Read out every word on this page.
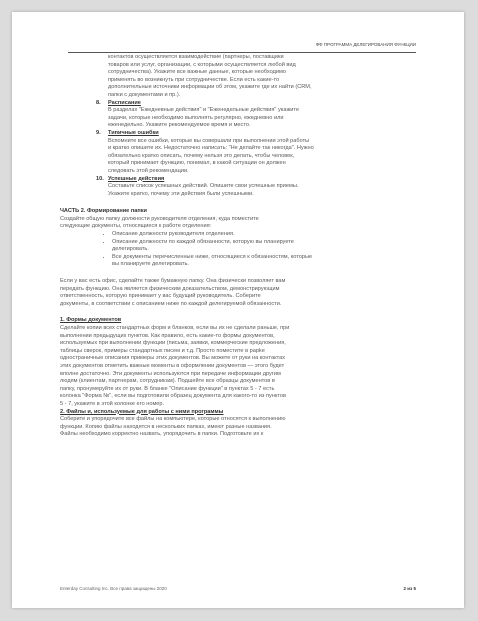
ФФ ПРОГРАММА ДЕЛЕГИРОВАНИЯ ФУНКЦИИ

контактов осуществляется взаимодействие (партнеры, поставщики

товаров или услуг, организации, с которыми осуществляется любой вид

сотрудничества). Укажите все важные данные, которые необходимо

применять во возникнуть при сотрудничестве. Если есть какие-то

дополнительные источники информации об этом, укажите где их найти (CRM,

папки с документами и пр.).

8. Расписание

В разделах "Ежедневные действия" и "Еженедельные действия" укажите

задачи, которые необходимо выполнять регулярно, ежедневно или

еженедельно. Укажите рекомендуемое время и место.

9. Типичные ошибки

Вспомните все ошибки, которые вы совершали при выполнении этой работы

и кратко опишите их. Недостаточно написать: "Не делайте так никогда". Нужно

обязательно кратко описать, почему нельзя это делать, чтобы человек,

который принимает функцию, понимал, в какой ситуации он должен

следовать этой рекомендации.

10. Успешные действия

Составьте список успешных действий. Опишите свои успешные приемы.

Укажите кратко, почему эти действия были успешными.

ЧАСТЬ 2. Формирование папки

Создайте общую папку должности руководителя отделения, куда поместите

следующие документы, относящиеся к работе отделения:

• Описание должности руководителя отделения.
• Описание должности по каждой обязанности, которую вы планируете
делегировать.
• Все документы перечисленные ниже, относящиеся к обязанностям, которые
вы планируете делегировать.

Если у вас есть офис, сделайте также бумажную папку. Она физически позволяет вам

передать функцию. Она является физическим доказательством, демонстрирующим

ответственность, которую принимает у вас будущий руководитель. Соберите

документы, в соответствии с описанием ниже по каждой делегируемой обязанности.

1. Формы документов

Сделайте копии всех стандартных форм и бланков, если вы их не сделали раньше, при

выполнении предыдущих пунктов. Как правило, есть какие-то формы документов,

используемых при выполнении функции (письма, заявки, коммерческие предложения,

таблицы сверок, примеры стандартных писем и т.д. Просто поместите в papke

одностраничные описания примеры этих документов. Вы можете от руки на контактах

этих документов отметить важные моменты в оформлении документов — этого будет

вполне достаточно. Эти документы используются при передаче информации другим

людям (клиентам, партнерам, сотрудникам). Подшейте все образцы документов в

папку, пронумеруйте их от руки. В бланке "Описание функции" в пунктах 5 - 7 есть

колонка "Форма №", если вы подготовили образец документа для какого-то из пунктов

5 - 7, укажите в этой колонке его номер.

2. Файлы и, используемые для работы с ними программы

Соберите и упорядочите все файлы на компьютере, которые относятся к выполнению

функции. Копию файлы находятся в нескольких папках, имеют разные названия.

Файлы необходимо корректно назвать, упорядочить в папки. Подготовьте их к

Enterday Consulting Inc. Все права защищены 2020	2 из 5
